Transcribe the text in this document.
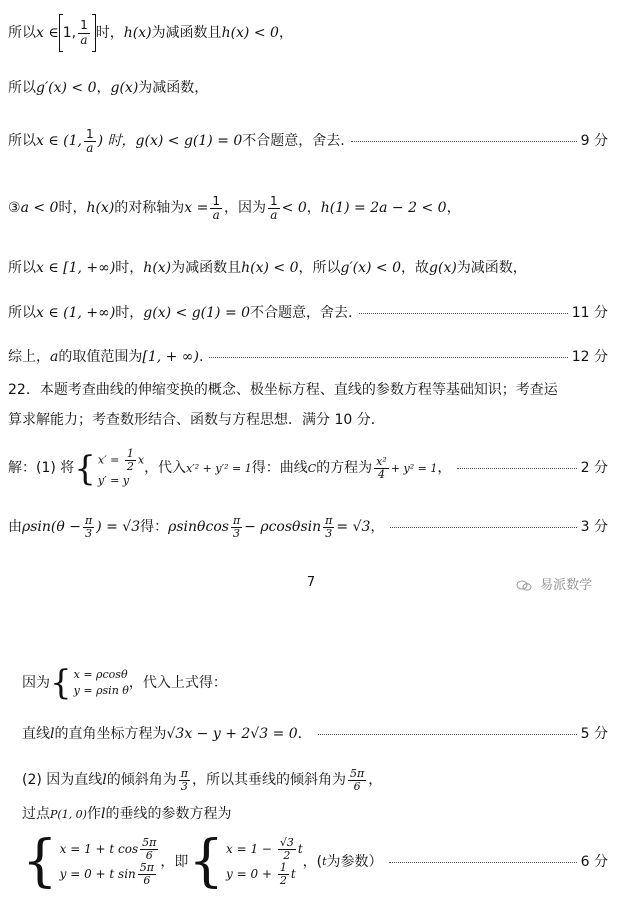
所以 x ∈ 1, $\frac{1}{a}$ 时， h(x) 为减函数且 h(x) < 0 ，
所以 g′(x) < 0 ， g(x) 为减函数，
所以 x ∈ (1, $\frac{1}{a}$ ) 时， g(x) < g(1) = 0 不合题意，舍去.	9 分
③ a < 0 时， h(x) 的对称轴为 $x = \frac{1}{a}$ ，因为 $\frac{1}{a} < 0$ ， h(1) = 2a − 2 < 0 ，
所以 x ∈ [1, +∞) 时， h(x) 为减函数且 h(x) < 0 ，所以 g′(x) < 0 ，故 g(x) 为减函数，
所以 x ∈ (1, +∞) 时， g(x) < g(1) = 0 不合题意，舍去.	11 分
综上， a 的取值范围为 [1, + ∞) .	12 分
22．本题考查曲线的伸缩变换的概念、极坐标方程、直线的参数方程等基础知识；考查运
算求解能力；考查数形结合、函数与方程思想．满分 10 分．
解：(1) 将 { $x' = \frac{1}{2}$ x
y′ = y
，代入 x′² + y′² = 1 得：曲线 C 的方程为 $\frac{\text{x²}}{4} + y^2 = 1$ ，	2 分
由 $\rho\sin(\theta - \frac{\pi}{3}$ ) = √3 得： ρsinθcos $\frac{\pi}{3} - \rho\cos\theta\sin \frac{\pi}{3} = √3$ ，	3 分
7	易派数学
因为 { x = ρcosθ
y = ρsin θ ，代入上式得：
直线 l 的直角坐标方程为 √3x − y + 2√3 = 0 ．	5 分
(2) 因为直线 l 的倾斜角为 $\frac{\pi}{3}$ ，所以其垂线的倾斜角为 $\frac{5\pi}{6}$ ，
过点 P(1, 0) 作 l 的垂线的参数方程为
{ x = 1 + t $\cos \frac{5\pi}{6}$
y = 0 + t $\sin \frac{5\pi}{6}$
，即 { $x = 1 - \frac{√3}{2}$ t
$y = 0 + \frac{1}{2}$ t
，( t 为参数）	6 分
